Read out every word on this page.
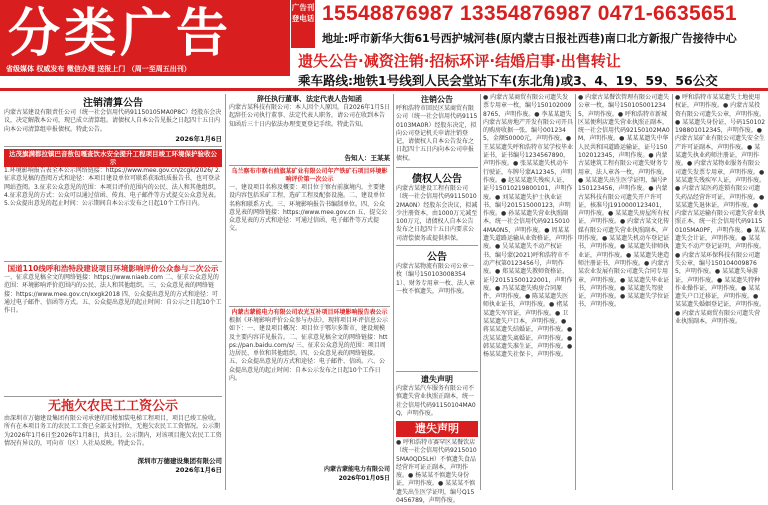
分类广告
省级媒体 权威发布 微信办理 送报上门 （周一至周五出刊）
广告刊登电话 15548876987 13354876987 0471-6635651
地址:呼市新华大街61号西护城河巷(原内蒙古日报社西巷)南口北方新报广告接待中心
遗失公告·减资注销·招标环评·结婚启事·出售转让
乘车路线:地铁1号线到人民会堂站下车(东北角)或3、4、19、59、56公交
注销清算公告
内蒙古某建设有限责任公司（统一社会信用代码91150105MA0P8C）经股东会决议，决定解散本公司，现已成立清算组。请债权人自本公告见报之日起四十五日内向本公司清算组申报债权。特此公告。
2026年1月6日
达茂旗满都拉镇巴音敖包嘎查饮水安全提升工程项目竣工环境保护验收公示
1.环境影响报告表全本公示网络链接：https://www.mee.gov.cn/zcgk/2026/ 2.征求意见稿的查阅方式和途径：本项目建设单位可联系获取纸质报告书，也可登录网站查阅。3.征求公众意见的范围：本项目评价范围内的公民、法人和其他组织。4.征求意见的方式：公众可以通过信函、传真、电子邮件等方式提交公众意见表。5.公众提出意见的起止时间：公示期间自本公示发布之日起10个工作日内。
国道110线呼和浩特段建设项目环境影响评价公众参与二次公示
一、征求意见稿全文的网络链接：https://www.niaeb.com 二、征求公众意见的范围：环境影响评价范围内的公民、法人和其他组织。三、公众意见表的网络链接：https://www.mee.gov.cn/xxgk2018 四、公众提出意见的方式和途径：可通过电子邮件、信函等方式。五、公众提出意见的起止时间：自公示之日起10个工作日。
无拖欠农民工工资公示
由深圳市万德建设集团有限公司承建的旧楼加装电梯工程项目，项目已竣工验收。所有在本项目务工的农民工工资已全部支付到位，无拖欠农民工工资情况。公示期为2026年1月6日至2026年1月8日，共3日。公示期内，对该项目拖欠农民工工资情况有异议的，可向市（区）人社局反映。特此公告。
深圳市万德建设集团有限公司
2026年1月6日
辞任执行董事、法定代表人告知函
内蒙古某科技有限公司：本人因个人原因，自2026年1月5日起辞任公司执行董事、法定代表人职务，请公司在收到本告知函后三十日内依法办理变更登记手续。特此告知。
告知人：王某某
乌兰察布市察右前旗某矿业有限公司年产铁矿石项目环境影响评价第一次公示
一、建设项目名称及概要：项目位于察右前旗境内，主要建设内容包括采矿工程、选矿工程及配套设施。二、建设单位名称和联系方式。三、环境影响报告书编制单位。四、公众意见表的网络链接：https://www.mee.gov.cn 五、提交公众意见表的方式和途径：可通过信函、电子邮件等方式提交。
内蒙古蒙能电力有限公司农光互补项目环境影响报告表公示
根据《环境影响评价公众参与办法》，现将项目环评信息公示如下：一、建设项目概况：项目位于鄂尔多斯市，建设规模及主要内容详见报告。二、征求意见稿全文的网络链接：https://pan.baidu.com/s/ 三、征求公众意见的范围：项目周边居民、单位和其他组织。四、公众意见表的网络链接。五、公众提出意见的方式和途径：电子邮件、信函。六、公众提出意见的起止时间：自本公示发布之日起10个工作日内。
内蒙古蒙能电力有限公司
2026年01月05日
注销公告
呼和浩特市回民区某商贸有限公司（统一社会信用代码91150103MA0R）经股东决定，拟向公司登记机关申请注销登记，请债权人自本公告发布之日起四十五日内向本公司申报债权。
债权人公告
内蒙古某建设工程有限公司（统一社会信用代码91150102MA0N）经股东会决议，拟减少注册资本，由1000万元减至100万元，请债权人自本公告发布之日起四十五日内要求公司清偿债务或提供担保。
公告
内蒙古某物流有限公司公章一枚（编号1501030083541）、财务专用章一枚、法人章一枚不慎遗失，声明作废。
遗失声明
内蒙古某汽车服务有限公司不慎遗失营业执照正副本，统一社会信用代码91150104MA0Q，声明作废。
遗失声明
● 呼和浩特市赛罕区某餐饮店（统一社会信用代码92150105MA0QD5LH）不慎遗失食品经营许可证正副本，声明作废。● 杨某某不慎遗失身份证，声明作废。● 某某某不慎遗失出生医学证明，编号Q150456789，声明作废。
● 内蒙古某商贸有限公司遗失发票专用章一枚，编号1501020098765，声明作废。● 李某某遗失内蒙古某房地产开发有限公司开具的购房收据一张，编号0012345，金额50000元，声明作废。● 王某某遗失呼和浩特市某学校毕业证书，证书编号1234567890，声明作废。● 张某某遗失机动车行驶证，车牌号蒙A12345，声明作废。● 赵某某遗失残疾人证，证号15010219800101，声明作废。● 刘某某遗失护士执业证书，编号201515000123，声明作废。● 孙某某遗失营业执照副本，统一社会信用代码92150104MA0N5，声明作废。● 周某某遗失道路运输从业资格证，声明作废。● 吴某某遗失不动产权证书，编号蒙(2021)呼和浩特市不动产权第0123456号，声明作废。● 郑某某遗失教师资格证，证号20151500122001，声明作废。● 冯某某遗失购房合同原件，声明作废。● 陈某某遗失医师执业证书，声明作废。● 褚某某遗失军官证，声明作废。● 卫某某遗失户口本，声明作废。● 蒋某某遗失结婚证，声明作废。● 沈某某遗失离婚证，声明作废。● 韩某某遗失准生证，声明作废。● 杨某某遗失社保卡，声明作废。
● 内蒙古某餐饮管理有限公司遗失公章一枚，编号1501050012345，声明作废。● 呼和浩特市新城区某便利店遗失营业执照正副本，统一社会信用代码92150102MA0M，声明作废。● 某某某遗失中华人民共和国道路运输证，证号150102012345，声明作废。● 内蒙古某建筑工程有限公司遗失财务专用章、法人章各一枚，声明作废。● 某某遗失出生医学证明，编号P150123456，声明作废。● 内蒙古某科技有限公司遗失开户许可证，核准号J1910000123401，声明作废。● 某某遗失房屋所有权证，声明作废。● 内蒙古某文化传媒有限公司遗失营业执照副本，声明作废。● 某某遗失机动车登记证书，声明作废。● 某某遗失律师执业证，声明作废。● 某某遗失建造师注册证书，声明作废。● 内蒙古某农业发展有限公司遗失合同专用章，声明作废。● 某某遗失毕业证书，声明作废。● 某某遗失驾驶证，声明作废。● 某某遗失学位证书，声明作废。
● 呼和浩特市某某遗失土地使用权证，声明作废。● 内蒙古某投资有限公司遗失公章，声明作废。● 某某遗失身份证，号码150102198801012345，声明作废。● 内蒙古某矿业有限公司遗失安全生产许可证副本，声明作废。● 某某遗失执业药师注册证，声明作废。● 内蒙古某物业服务有限公司遗失发票专用章，声明作废。● 某某遗失残疾军人证，声明作废。● 内蒙古某医药连锁有限公司遗失药品经营许可证，声明作废。● 某某遗失退休证，声明作废。● 内蒙古某运输有限公司遗失营业执照正本，统一社会信用代码91150105MA0PF，声明作废。● 某某遗失会计证，声明作废。● 某某遗失不动产登记证明，声明作废。● 内蒙古某环保科技有限公司遗失公章，编号1501040098765，声明作废。● 某某遗失导游证，声明作废。● 某某遗失特种作业操作证，声明作废。● 某某遗失户口迁移证，声明作废。● 某某遗失婚姻登记证，声明作废。● 内蒙古某商贸有限公司遗失营业执照副本，声明作废。
